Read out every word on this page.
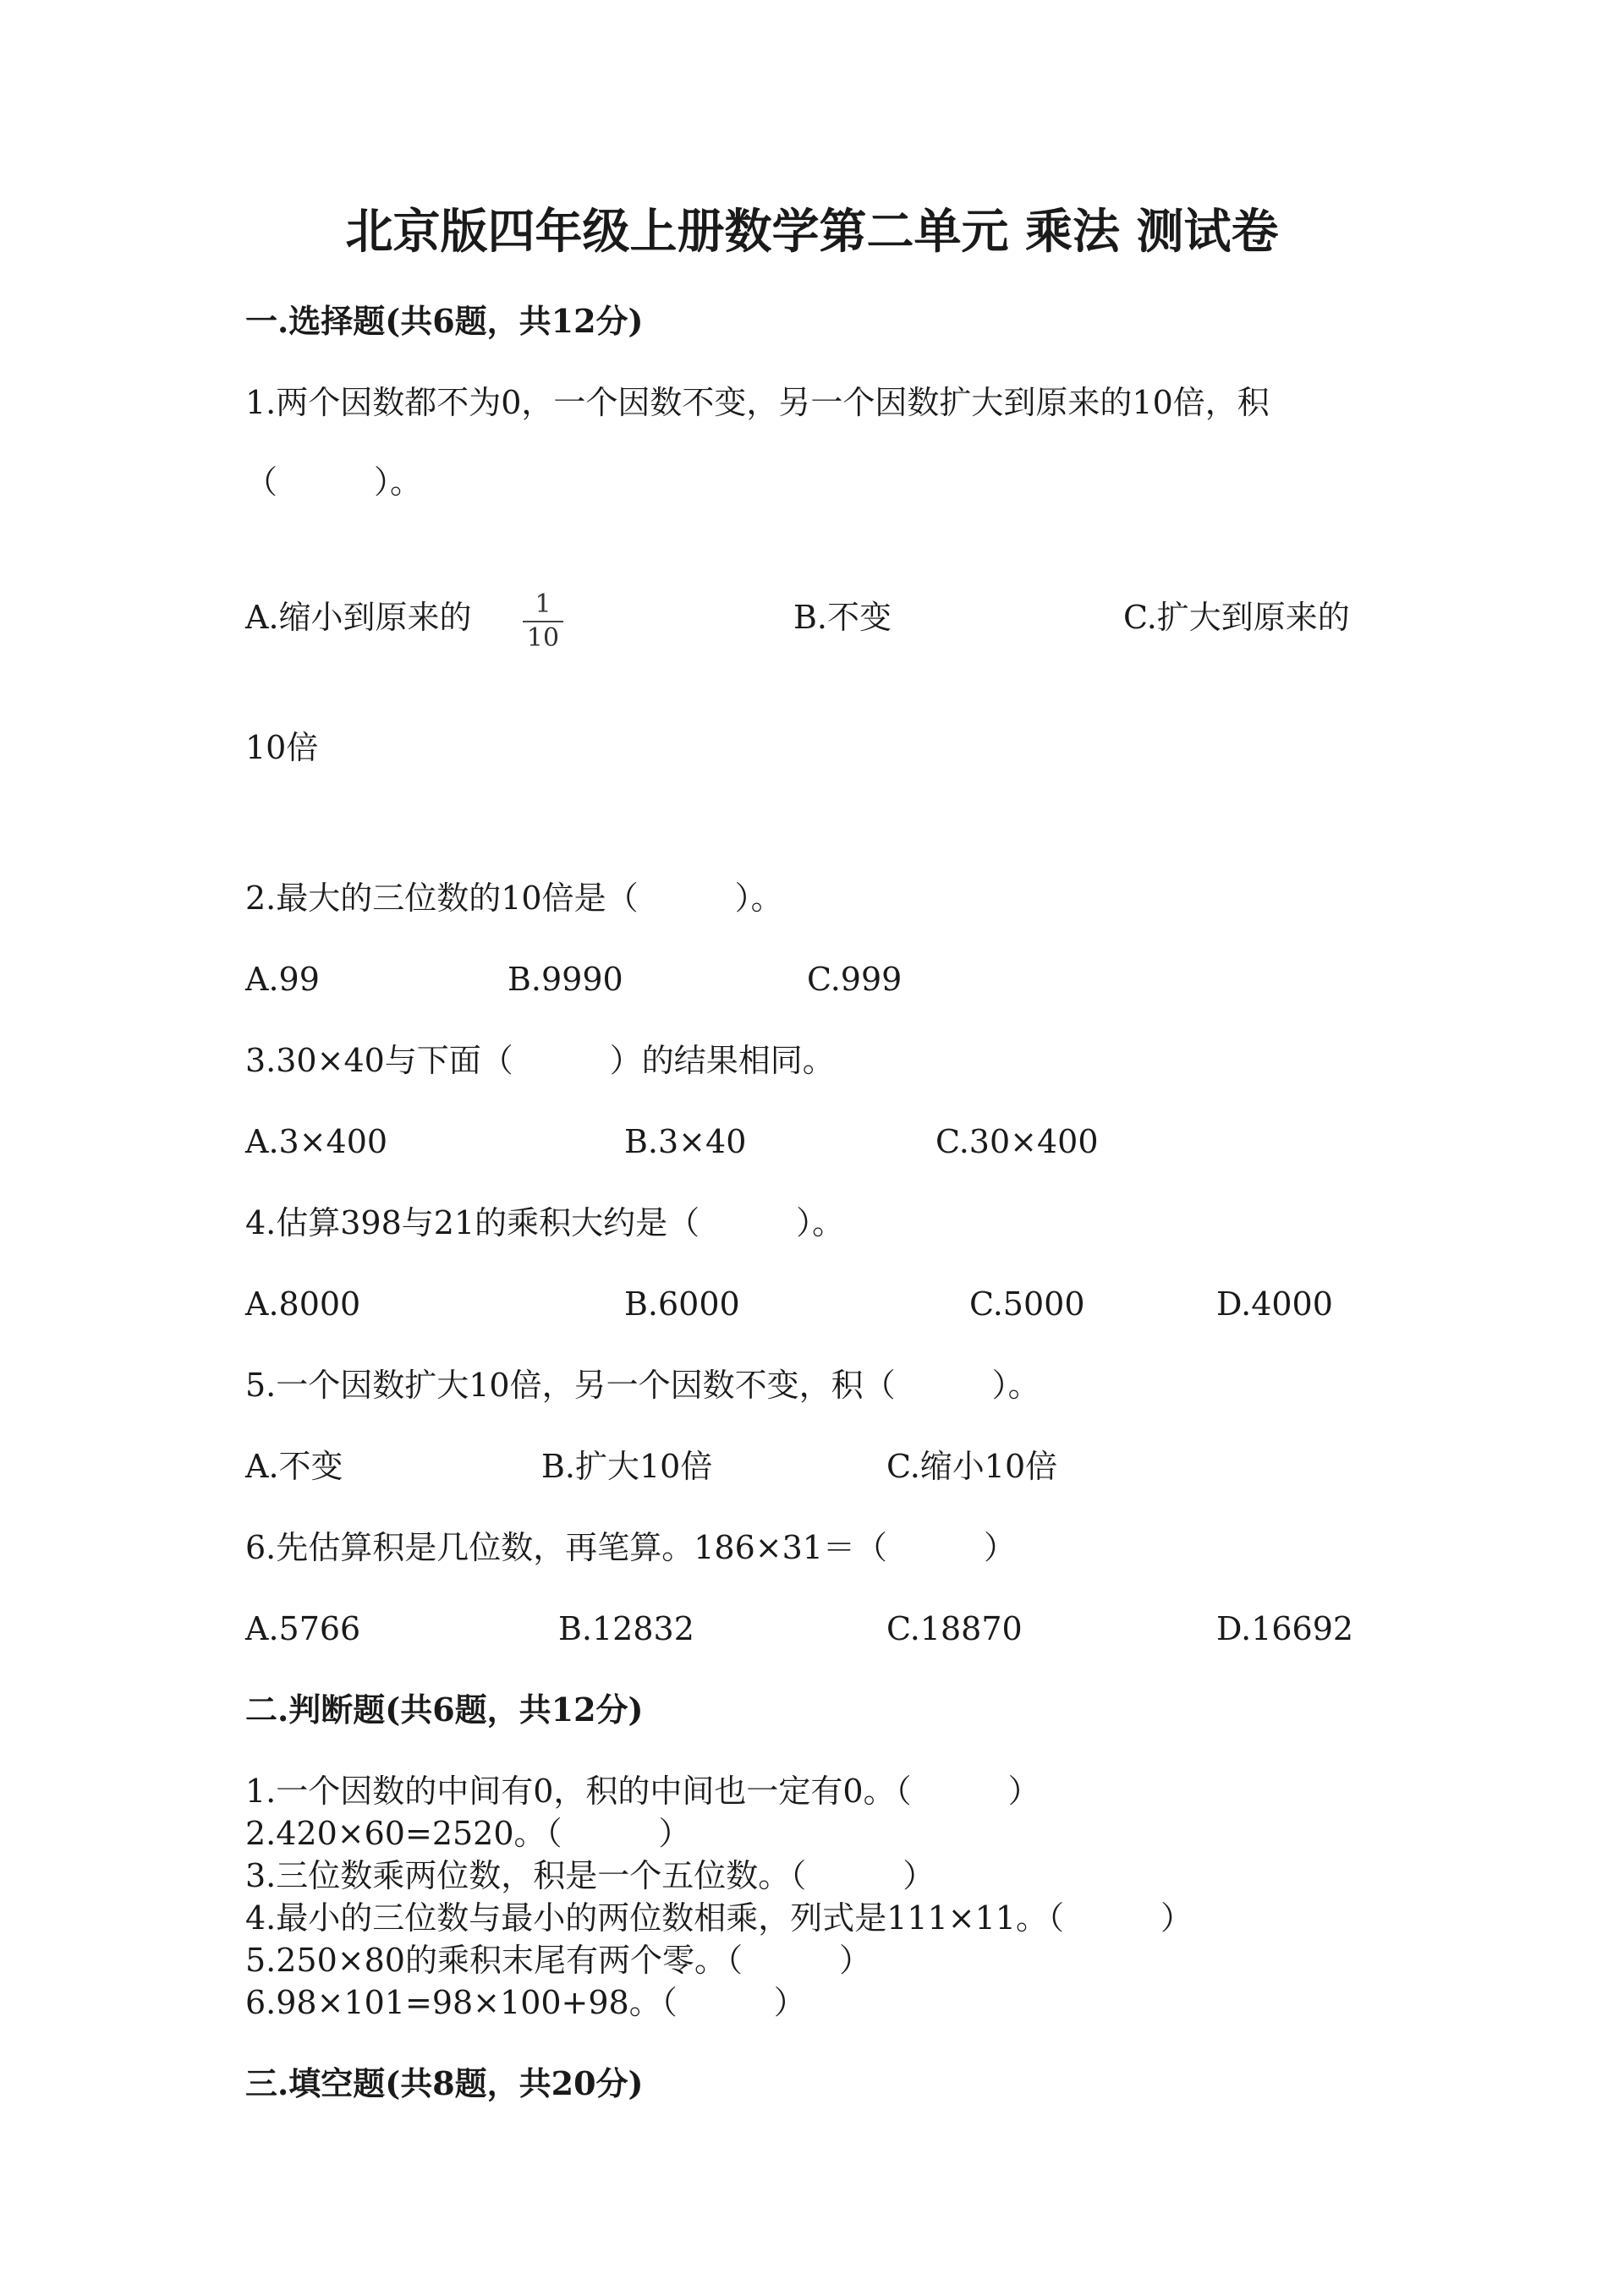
北京版四年级上册数学第二单元 乘法 测试卷
一.选择题(共6题，共12分)
1.两个因数都不为0，一个因数不变，另一个因数扩大到原来的10倍，积
（　　　）。
A.缩小到原来的	1
10
B.不变	C.扩大到原来的
10倍
2.最大的三位数的10倍是（　　　）。
A.99	B.9990	C.999
3.30×40与下面（　　　）的结果相同。
A.3×400	B.3×40	C.30×400
4.估算398与21的乘积大约是（　　　）。
A.8000	B.6000	C.5000	D.4000
5.一个因数扩大10倍，另一个因数不变，积（　　　）。
A.不变	B.扩大10倍	C.缩小10倍
6.先估算积是几位数，再笔算。186×31＝（　　　）
A.5766	B.12832	C.18870	D.16692
二.判断题(共6题，共12分)
1.一个因数的中间有0，积的中间也一定有0。（　　　）
2.420×60=2520。（　　　）
3.三位数乘两位数，积是一个五位数。（　　　）
4.最小的三位数与最小的两位数相乘，列式是111×11。（　　　）
5.250×80的乘积末尾有两个零。（　　　）
6.98×101=98×100+98。（　　　）
三.填空题(共8题，共20分)
